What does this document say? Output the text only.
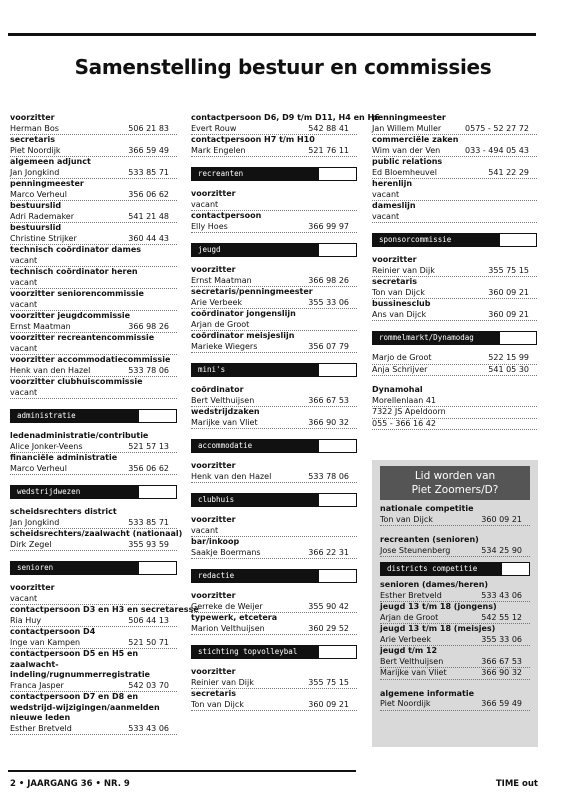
Samenstelling bestuur en commissies
voorzitter
Herman Bos	506 21 83
secretaris
Piet Noordijk	366 59 49
algemeen adjunct
Jan Jongkind	533 85 71
penningmeester
Marco Verheul	356 06 62
bestuurslid
Adri Rademaker	541 21 48
bestuurslid
Christine Strijker	360 44 43
technisch coördinator dames
vacant
technisch coördinator heren
vacant
voorzitter seniorencommissie
vacant
voorzitter jeugdcommissie
Ernst Maatman	366 98 26
voorzitter recreantencommissie
vacant
voorzitter accommodatiecommissie
Henk van den Hazel	533 78 06
voorzitter clubhuiscommissie
vacant
administratie
ledenadministratie/contributie
Alice Jonker-Veens	521 57 13
financiële administratie
Marco Verheul	356 06 62
wedstrijdwezen
scheidsrechters district
Jan Jongkind	533 85 71
scheidsrechters/zaalwacht (nationaal)
Dirk Zegel	355 93 59
senioren
voorzitter
vacant
contactpersoon D3 en H3 en secretaresse
Ria Huy	506 44 13
contactpersoon D4
Inge van Kampen	521 50 71
contactpersoon D5 en H5 en zaalwacht-indeling/rugnummerregistratie
Franca Jasper	542 03 70
contactpersoon D7 en D8 en wedstrijd-wijzigingen/aanmelden nieuwe leden
Esther Bretveld	533 43 06
contactpersoon D6, D9 t/m D11, H4 en H6
Evert Rouw	542 88 41
contactpersoon H7 t/m H10
Mark Engelen	521 76 11
recreanten
voorzitter
vacant
contactpersoon
Elly Hoes	366 99 97
jeugd
voorzitter
Ernst Maatman	366 98 26
secretaris/penningmeester
Arie Verbeek	355 33 06
coördinator jongenslijn
Arjan de Groot
coördinator meisjeslijn
Marieke Wiegers	356 07 79
mini's
coördinator
Bert Velthuijsen	366 67 53
wedstrijdzaken
Marijke van Vliet	366 90 32
accommodatie
voorzitter
Henk van den Hazel	533 78 06
clubhuis
voorzitter
vacant
bar/inkoop
Saakje Boermans	366 22 31
redactie
voorzitter
Gerreke de Weijer	355 90 42
typewerk, etcetera
Marion Velthuijsen	360 29 52
stichting topvolleybal
voorzitter
Reinier van Dijk	355 75 15
secretaris
Ton van Dijck	360 09 21
penningmeester
Jan Willem Muller	0575 - 52 27 72
commerciële zaken
Wim van der Ven	033 - 494 05 43
public relations
Ed Bloemheuvel	541 22 29
herenlijn
vacant
dameslijn
vacant
sponsorcommissie
voorzitter
Reinier van Dijk	355 75 15
secretaris
Ton van Dijck	360 09 21
bussinesclub
Ans van Dijck	360 09 21
rommelmarkt/Dynamodag
Marjo de Groot	522 15 99
Anja Schrijver	541 05 30
Dynamohal
Morellenlaan 41
7322 JS Apeldoorn
055 - 366 16 42
Lid worden van
Piet Zoomers/D?
nationale competitie
Ton van Dijck	360 09 21
recreanten (senioren)
Jose Steunenberg	534 25 90
districts competitie
senioren (dames/heren)
Esther Bretveld	533 43 06
jeugd 13 t/m 18 (jongens)
Arjan de Groot	542 55 12
jeugd 13 t/m 18 (meisjes)
Arie Verbeek	355 33 06
jeugd t/m 12
Bert Velthuijsen	366 67 53
Marijke van Vliet	366 90 32
algemene informatie
Piet Noordijk	366 59 49
2 • JAARGANG 36 • NR. 9	TIME out
